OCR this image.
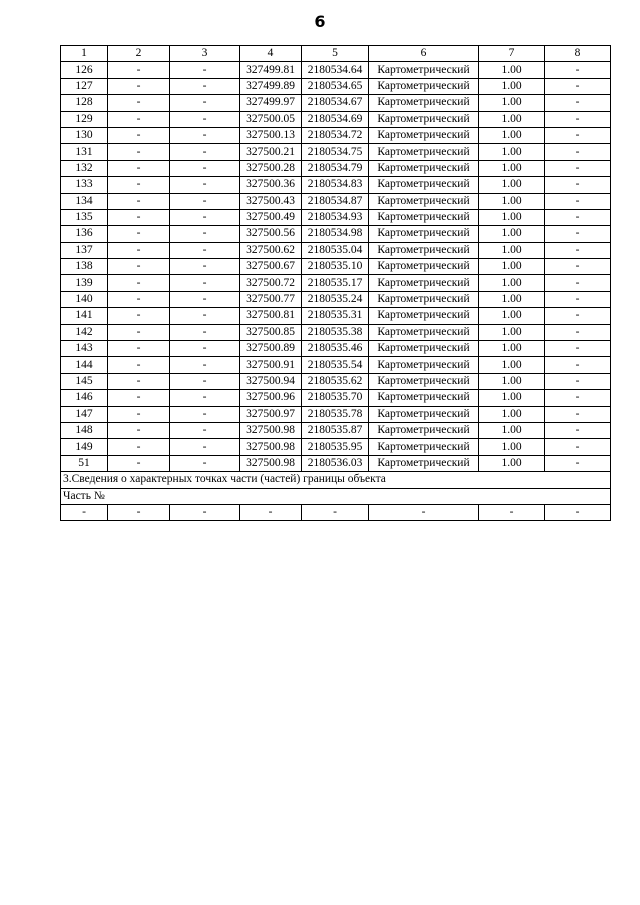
6
1	2	3	4	5	6	7	8
126	-	-	327499.81	2180534.64	Картометрический	1.00	-
127	-	-	327499.89	2180534.65	Картометрический	1.00	-
128	-	-	327499.97	2180534.67	Картометрический	1.00	-
129	-	-	327500.05	2180534.69	Картометрический	1.00	-
130	-	-	327500.13	2180534.72	Картометрический	1.00	-
131	-	-	327500.21	2180534.75	Картометрический	1.00	-
132	-	-	327500.28	2180534.79	Картометрический	1.00	-
133	-	-	327500.36	2180534.83	Картометрический	1.00	-
134	-	-	327500.43	2180534.87	Картометрический	1.00	-
135	-	-	327500.49	2180534.93	Картометрический	1.00	-
136	-	-	327500.56	2180534.98	Картометрический	1.00	-
137	-	-	327500.62	2180535.04	Картометрический	1.00	-
138	-	-	327500.67	2180535.10	Картометрический	1.00	-
139	-	-	327500.72	2180535.17	Картометрический	1.00	-
140	-	-	327500.77	2180535.24	Картометрический	1.00	-
141	-	-	327500.81	2180535.31	Картометрический	1.00	-
142	-	-	327500.85	2180535.38	Картометрический	1.00	-
143	-	-	327500.89	2180535.46	Картометрический	1.00	-
144	-	-	327500.91	2180535.54	Картометрический	1.00	-
145	-	-	327500.94	2180535.62	Картометрический	1.00	-
146	-	-	327500.96	2180535.70	Картометрический	1.00	-
147	-	-	327500.97	2180535.78	Картометрический	1.00	-
148	-	-	327500.98	2180535.87	Картометрический	1.00	-
149	-	-	327500.98	2180535.95	Картометрический	1.00	-
51	-	-	327500.98	2180536.03	Картометрический	1.00	-
3.Сведения о характерных точках части (частей) границы объекта							
Часть №							
-	-	-	-	-	-	-	-
